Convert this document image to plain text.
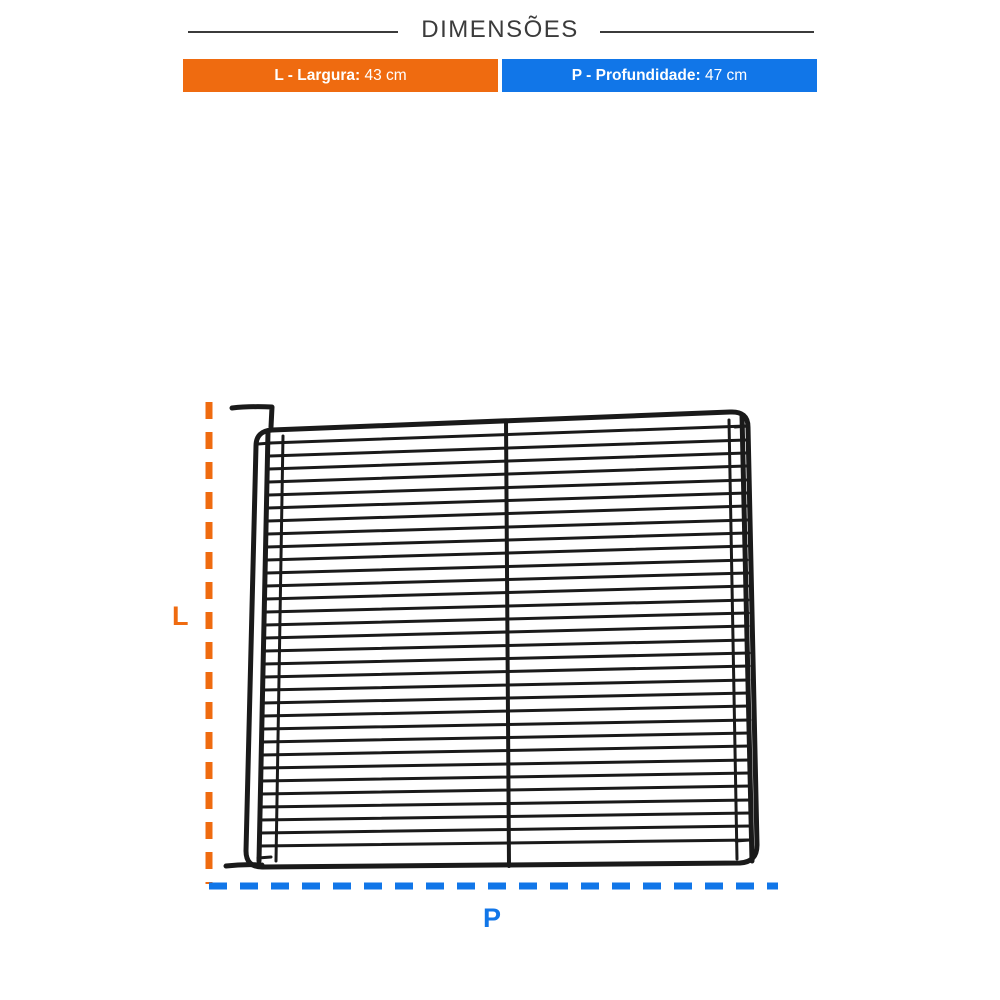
DIMENSÕES
L - Largura: 43 cm	P - Profundidade: 47 cm
L
P
